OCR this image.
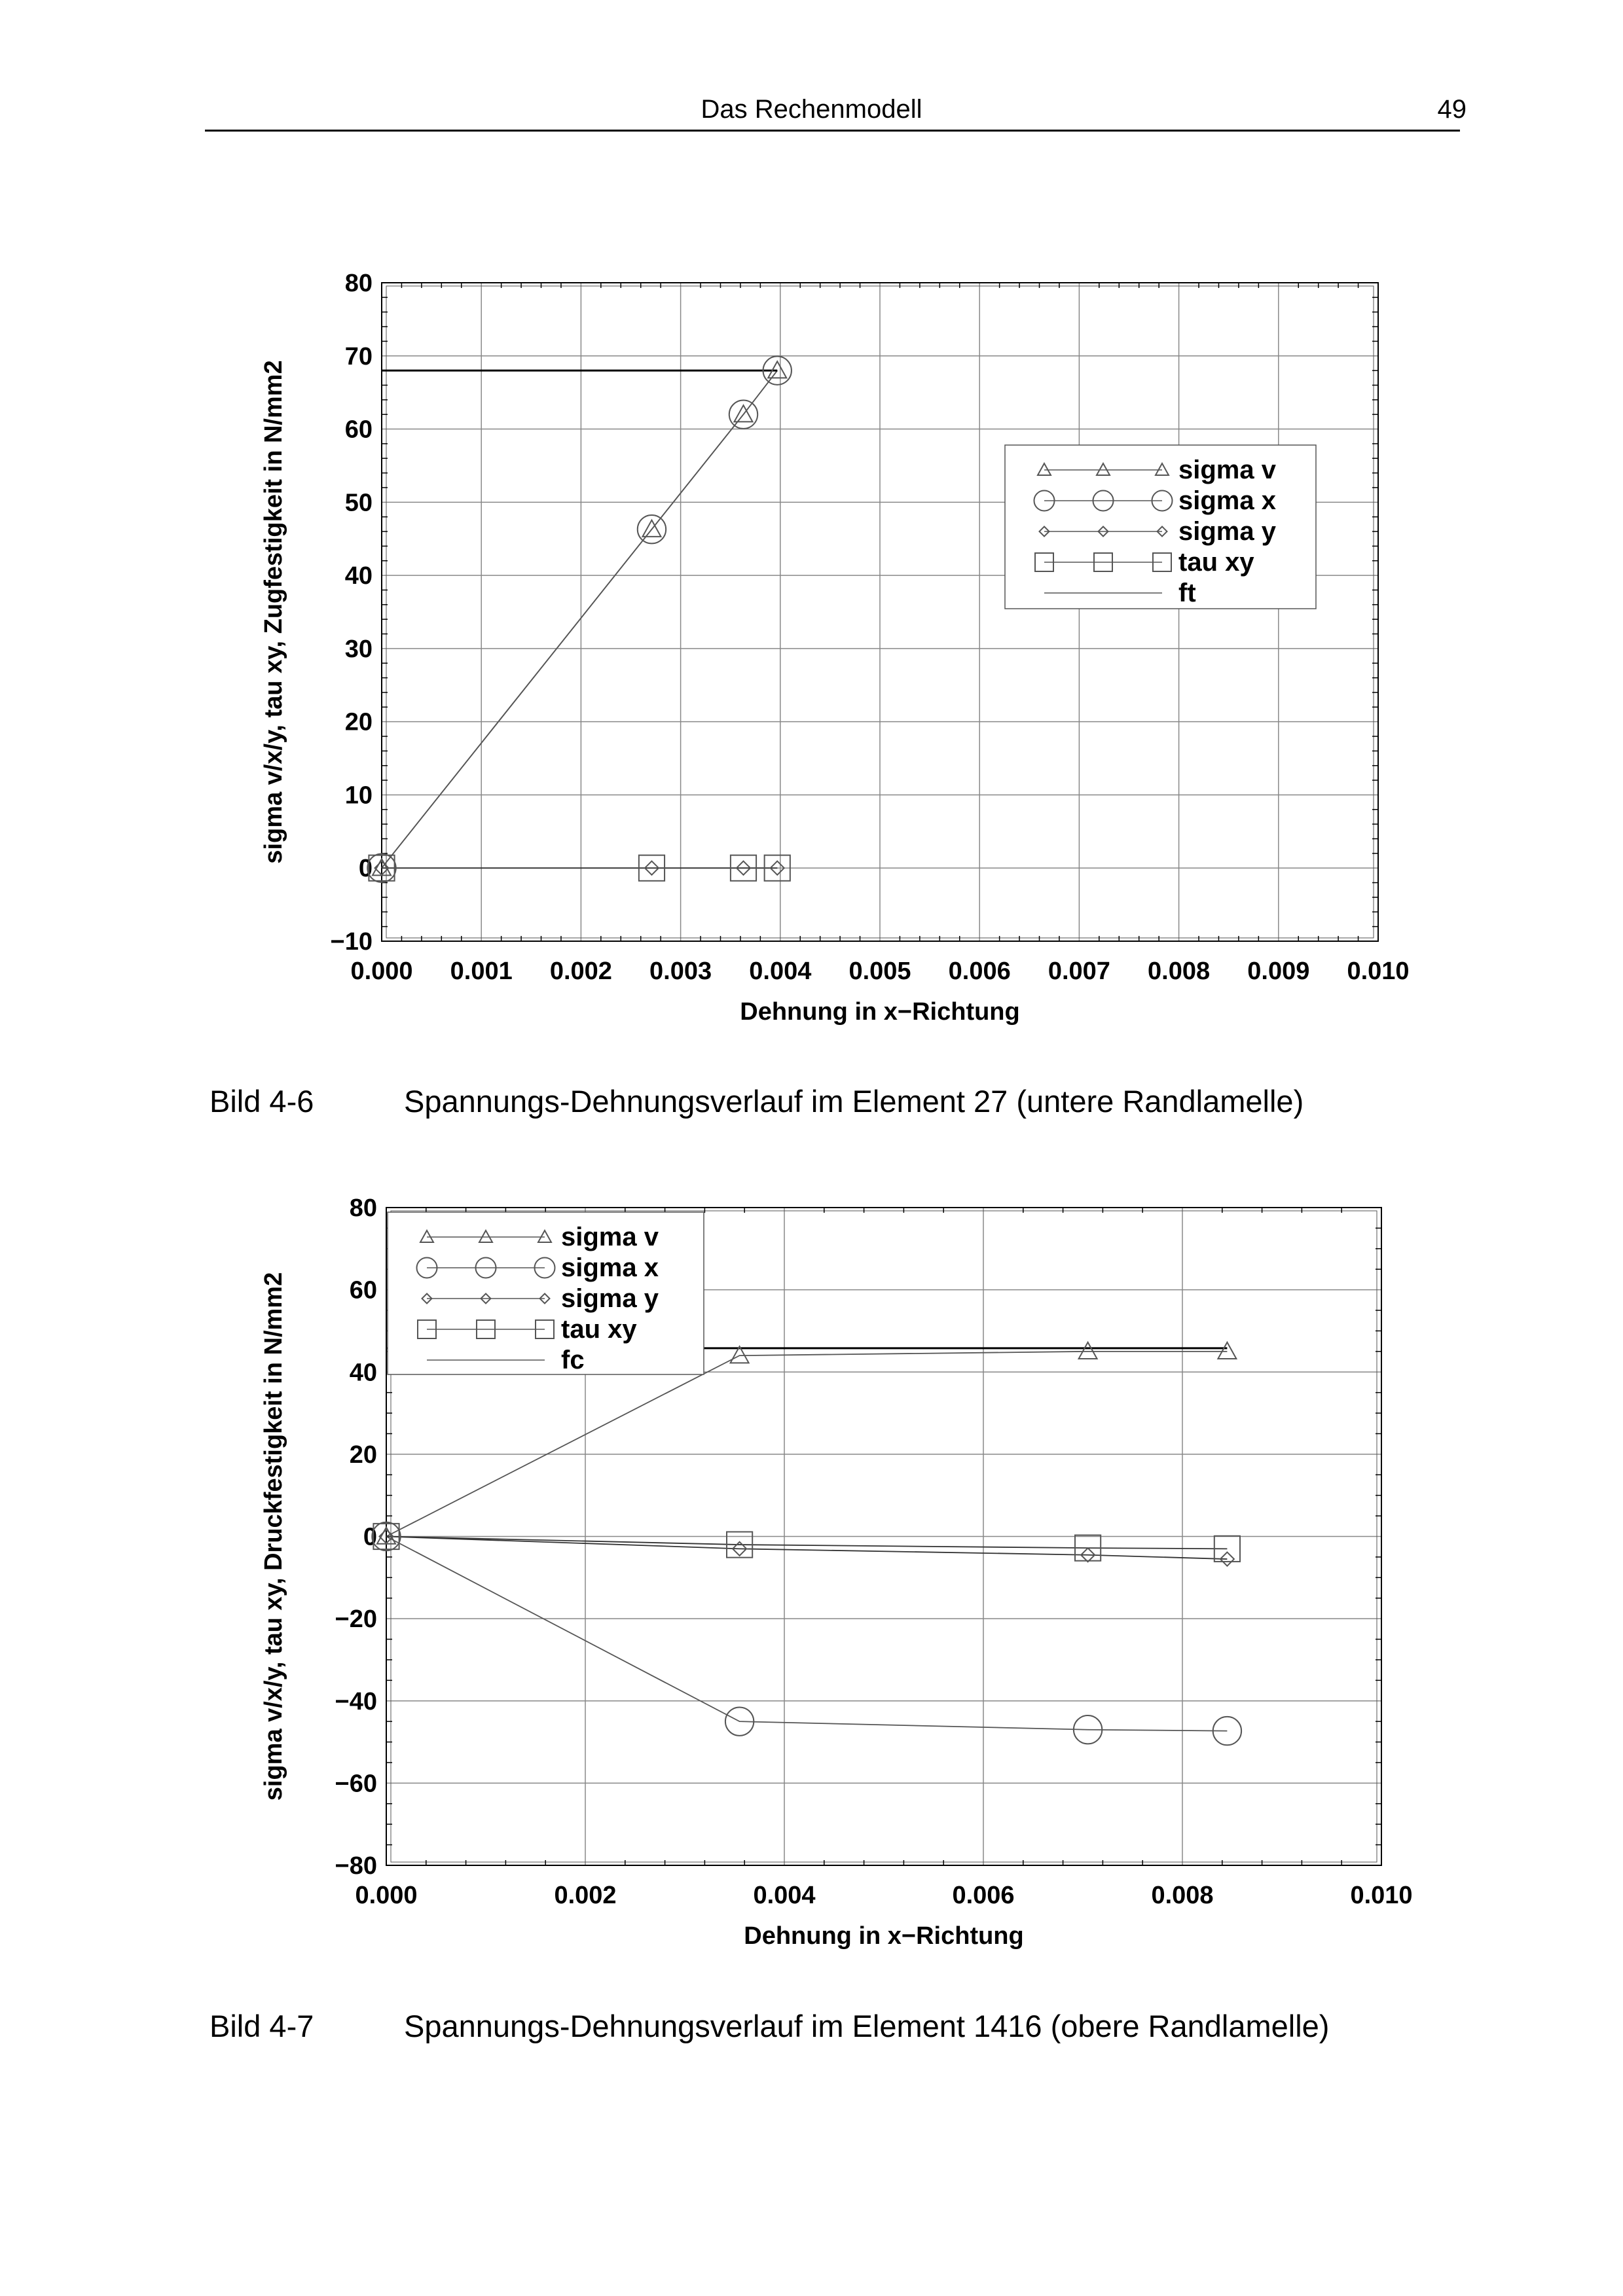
Das Rechenmodell	49
0.000 0.001 0.002 0.003 0.004 0.005 0.006 0.007 0.008 0.009 0.010
−10
0
10
20
30
40
50
60
70
80
Dehnung in x−Richtung
sigma v/x/y, tau xy, Zugfestigkeit in N/mm2	sigma v
sigma x
sigma y
tau xy
ft
Bild 4-6	Spannungs-Dehnungsverlauf im Element 27 (untere Randlamelle)
0.000	0.002	0.004	0.006	0.008	0.010
−80
−60
−40
−20
0
20
40
60
80
Dehnung in x−Richtung
sigma v/x/y, tau xy, Druckfestigkeit in N/mm2
sigma v
sigma x
sigma y
tau xy
fc
Bild 4-7	Spannungs-Dehnungsverlauf im Element 1416 (obere Randlamelle)
